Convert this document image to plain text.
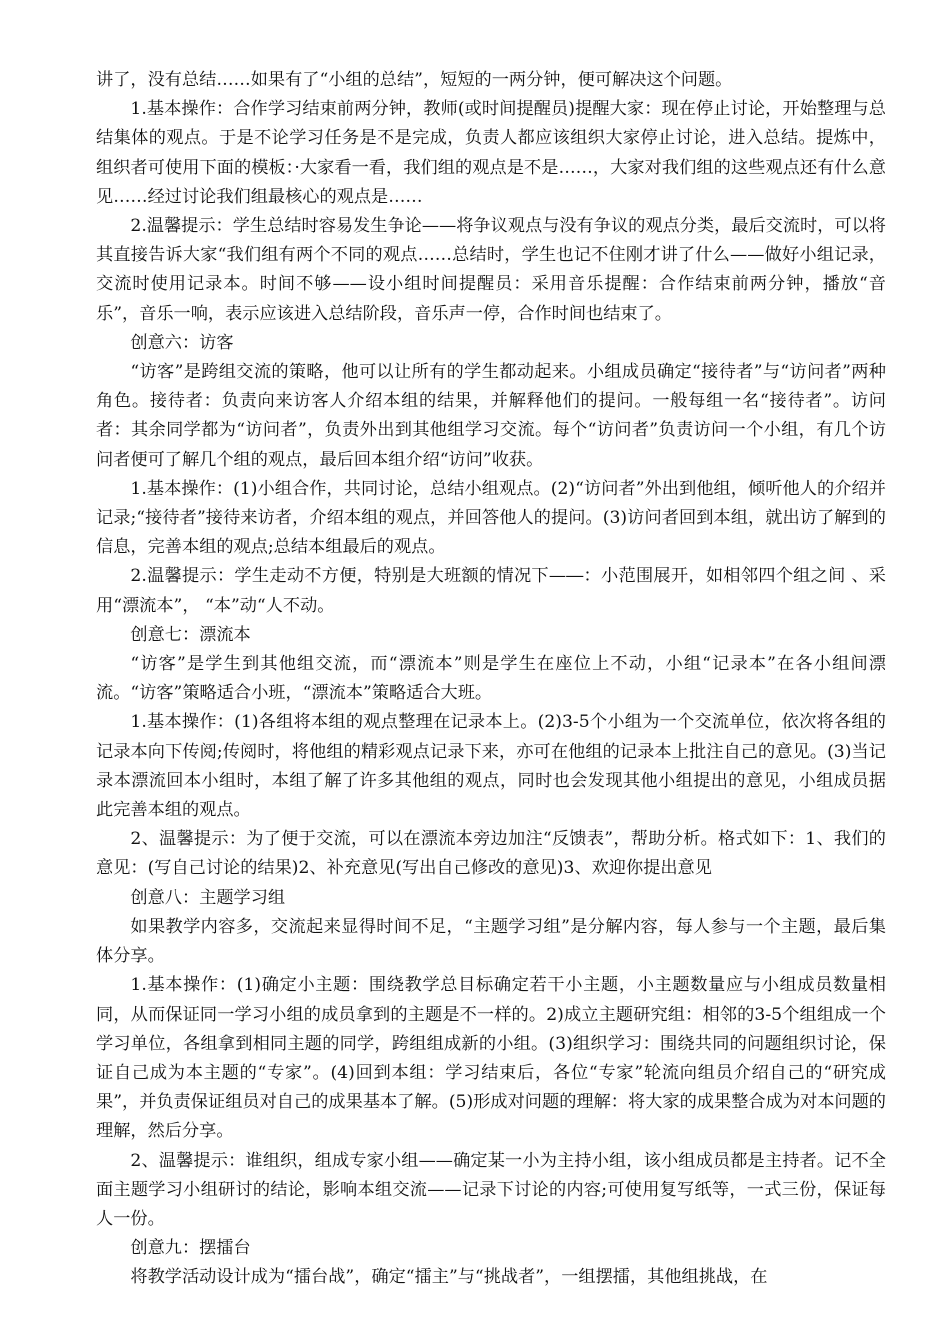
讲了，没有总结……如果有了“小组的总结”，短短的一两分钟，便可解决这个问题。

1.基本操作：合作学习结束前两分钟，教师(或时间提醒员)提醒大家：现在停止讨论，开始整理与总结集体的观点。于是不论学习任务是不是完成，负责人都应该组织大家停止讨论，进入总结。提炼中，组织者可使用下面的模板：·大家看一看，我们组的观点是不是……，大家对我们组的这些观点还有什么意见……经过讨论我们组最核心的观点是……

2.温馨提示：学生总结时容易发生争论——将争议观点与没有争议的观点分类，最后交流时，可以将其直接告诉大家“我们组有两个不同的观点……总结时，学生也记不住刚才讲了什么——做好小组记录，交流时使用记录本。时间不够——设小组时间提醒员：采用音乐提醒：合作结束前两分钟，播放“音乐”，音乐一响，表示应该进入总结阶段，音乐声一停，合作时间也结束了。

创意六：访客

“访客”是跨组交流的策略，他可以让所有的学生都动起来。小组成员确定“接待者”与“访问者”两种角色。接待者：负责向来访客人介绍本组的结果，并解释他们的提问。一般每组一名“接待者”。访问者：其余同学都为“访问者”，负责外出到其他组学习交流。每个“访问者”负责访问一个小组，有几个访问者便可了解几个组的观点，最后回本组介绍“访问”收获。

1.基本操作：(1)小组合作，共同讨论，总结小组观点。(2)“访问者”外出到他组，倾听他人的介绍并记录;“接待者”接待来访者，介绍本组的观点，并回答他人的提问。(3)访问者回到本组，就出访了解到的信息，完善本组的观点;总结本组最后的观点。

2.温馨提示：学生走动不方便，特别是大班额的情况下—―：小范围展开，如相邻四个组之间 、采用“漂流本”， “本”动“人不动。

创意七：漂流本

“访客”是学生到其他组交流，而“漂流本”则是学生在座位上不动，小组“记录本”在各小组间漂流。“访客”策略适合小班，“漂流本”策略适合大班。

1.基本操作：(1)各组将本组的观点整理在记录本上。(2)3-5个小组为一个交流单位，依次将各组的记录本向下传阅;传阅时，将他组的精彩观点记录下来，亦可在他组的记录本上批注自己的意见。(3)当记录本漂流回本小组时，本组了解了许多其他组的观点，同时也会发现其他小组提出的意见，小组成员据此完善本组的观点。

2、温馨提示：为了便于交流，可以在漂流本旁边加注“反馈表”，帮助分析。格式如下：1、我们的意见：(写自己讨论的结果)2、补充意见(写出自己修改的意见)3、欢迎你提出意见

创意八：主题学习组

如果教学内容多，交流起来显得时间不足，“主题学习组”是分解内容，每人参与一个主题，最后集体分享。

1.基本操作：(1)确定小主题：围绕教学总目标确定若干小主题，小主题数量应与小组成员数量相同，从而保证同一学习小组的成员拿到的主题是不一样的。2)成立主题研究组：相邻的3-5个组组成一个学习单位，各组拿到相同主题的同学，跨组组成新的小组。(3)组织学习：围绕共同的问题组织讨论，保证自己成为本主题的“专家”。(4)回到本组：学习结束后，各位“专家”轮流向组员介绍自己的“研究成果”，并负责保证组员对自己的成果基本了解。(5)形成对问题的理解：将大家的成果整合成为对本问题的理解，然后分享。

2、温馨提示：谁组织，组成专家小组——确定某一小为主持小组，该小组成员都是主持者。记不全面主题学习小组研讨的结论，影响本组交流——记录下讨论的内容;可使用复写纸等，一式三份，保证每人一份。

创意九：摆擂台

将教学活动设计成为“擂台战”，确定“擂主”与“挑战者”，一组摆擂，其他组挑战，在
